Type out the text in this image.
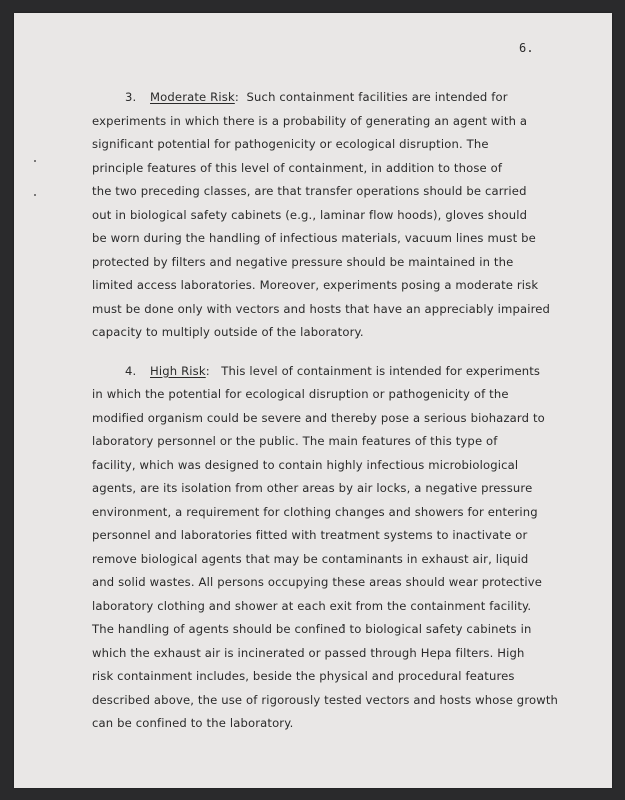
6.
3. Moderate Risk:  Such containment facilities are intended for
experiments in which there is a probability of generating an agent with a
significant potential for pathogenicity or ecological disruption. The
principle features of this level of containment, in addition to those of
the two preceding classes, are that transfer operations should be carried
out in biological safety cabinets (e.g., laminar flow hoods), gloves should
be worn during the handling of infectious materials, vacuum lines must be
protected by filters and negative pressure should be maintained in the
limited access laboratories. Moreover, experiments posing a moderate risk
must be done only with vectors and hosts that have an appreciably impaired
capacity to multiply outside of the laboratory.
4. High Risk:   This level of containment is intended for experiments
in which the potential for ecological disruption or pathogenicity of the
modified organism could be severe and thereby pose a serious biohazard to
laboratory personnel or the public. The main features of this type of
facility, which was designed to contain highly infectious microbiological
agents, are its isolation from other areas by air locks, a negative pressure
environment, a requirement for clothing changes and showers for entering
personnel and laboratories fitted with treatment systems to inactivate or
remove biological agents that may be contaminants in exhaust air, liquid
and solid wastes. All persons occupying these areas should wear protective
laboratory clothing and shower at each exit from the containment facility.
The handling of agents should be confined to biological safety cabinets in
which the exhaust air is incinerated or passed through Hepa filters. High
risk containment includes, beside the physical and procedural features
described above, the use of rigorously tested vectors and hosts whose growth
can be confined to the laboratory.
